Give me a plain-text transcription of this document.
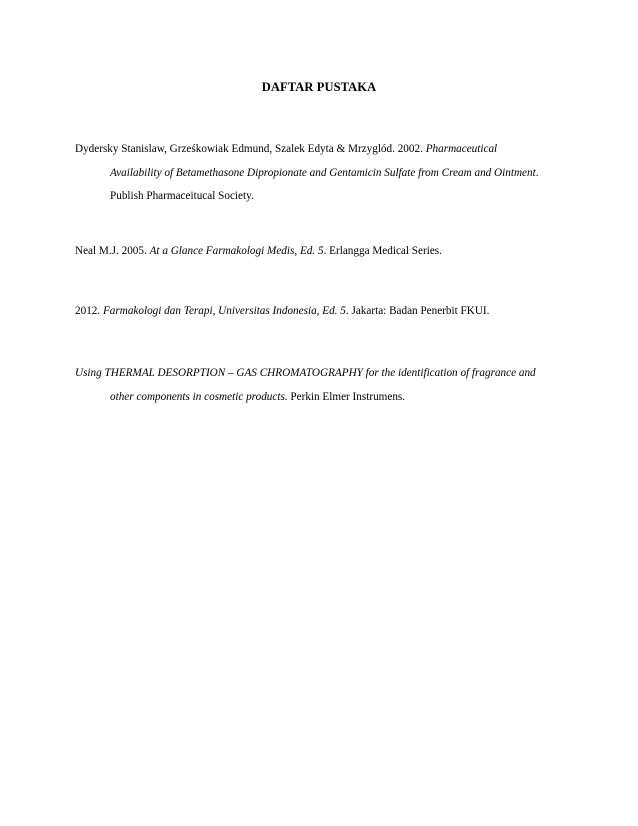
DAFTAR PUSTAKA

Dydersky Stanislaw, Grześkowiak Edmund, Szalek Edyta & Mrzyglód. 2002. Pharmaceutical
Availability of Betamethasone Dipropionate and Gentamicin Sulfate from Cream and Ointment.
Publish Pharmaceitucal Society.

Neal M.J. 2005. At a Glance Farmakologi Medis, Ed. 5. Erlangga Medical Series.

2012. Farmakologi dan Terapi, Universitas Indonesia, Ed. 5. Jakarta: Badan Penerbit FKUI.

Using THERMAL DESORPTION – GAS CHROMATOGRAPHY for the identification of fragrance and
other components in cosmetic products. Perkin Elmer Instrumens.
